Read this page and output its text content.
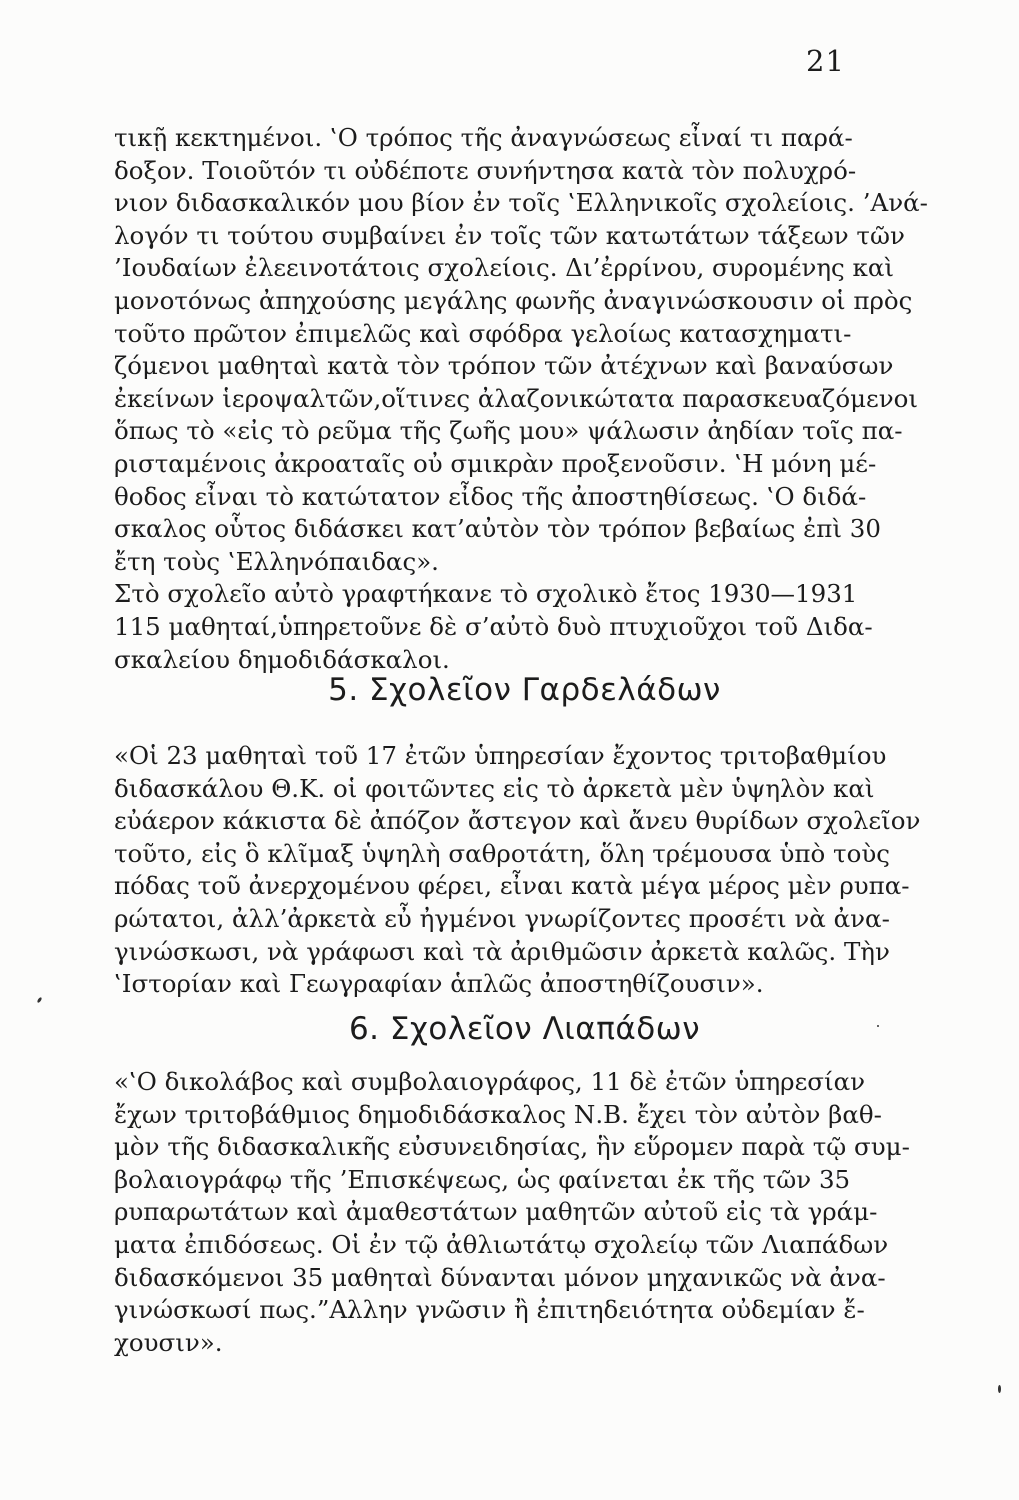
21
τικῇ κεκτημένοι. ‛Ο τρόπος τῆς ἀναγνώσεως εἶναί τι παρά-
δοξον. Τοιοῦτόν τι οὐδέποτε συνήντησα κατὰ τὸν πολυχρό-
νιον διδασκαλικόν μου βίον ἐν τοῖς ‛Ελληνικοῖς σχολείοις. ’Ανά-
λογόν τι τούτου συμβαίνει ἐν τοῖς τῶν κατωτάτων τάξεων τῶν
’Ιουδαίων ἐλεεινοτάτοις σχολείοις. Δι’ἐρρίνου, συρομένης καὶ
μονοτόνως ἀπηχούσης μεγάλης φωνῆς ἀναγινώσκουσιν οἱ πρὸς
τοῦτο πρῶτον ἐπιμελῶς καὶ σφόδρα γελοίως κατασχηματι-
ζόμενοι μαθηταὶ κατὰ τὸν τρόπον τῶν ἀτέχνων καὶ βαναύσων
ἐκείνων ἱεροψαλτῶν,οἵτινες ἀλαζονικώτατα παρασκευαζόμενοι
ὅπως τὸ «εἰς τὸ ρεῦμα τῆς ζωῆς μου» ψάλωσιν ἀηδίαν τοῖς πα-
ρισταμένοις ἀκροαταῖς οὐ σμικρὰν προξενοῦσιν. ‛Η μόνη μέ-
θοδος εἶναι τὸ κατώτατον εἶδος τῆς ἀποστηθίσεως. ‛Ο διδά-
σκαλος οὗτος διδάσκει κατ’αὐτὸν τὸν τρόπον βεβαίως ἐπὶ 30
ἔτη τοὺς ‛Ελληνόπαιδας».
Στὸ σχολεῖο αὐτὸ γραφτήκανε τὸ σχολικὸ ἔτος 1930—1931
115 μαθηταί,ὑπηρετοῦνε δὲ σ’αὐτὸ δυὸ πτυχιοῦχοι τοῦ Διδα-
σκαλείου δημοδιδάσκαλοι.
5. Σχολεῖον Γαρδελάδων
«Οἱ 23 μαθηταὶ τοῦ 17 ἐτῶν ὑπηρεσίαν ἔχοντος τριτοβαθμίου
διδασκάλου Θ.Κ. οἱ φοιτῶντες εἰς τὸ ἀρκετὰ μὲν ὑψηλὸν καὶ
εὐάερον κάκιστα δὲ ἀπόζον ἄστεγον καὶ ἄνευ θυρίδων σχολεῖον
τοῦτο, εἰς ὃ κλῖμαξ ὑψηλὴ σαθροτάτη, ὅλη τρέμουσα ὑπὸ τοὺς
πόδας τοῦ ἀνερχομένου φέρει, εἶναι κατὰ μέγα μέρος μὲν ρυπα-
ρώτατοι, ἀλλ’ἀρκετὰ εὖ ἠγμένοι γνωρίζοντες προσέτι νὰ ἀνα-
γινώσκωσι, νὰ γράφωσι καὶ τὰ ἀριθμῶσιν ἀρκετὰ καλῶς. Τὴν
‛Ιστορίαν καὶ Γεωγραφίαν ἁπλῶς ἀποστηθίζουσιν».
6. Σχολεῖον Λιαπάδων
«‛Ο δικολάβος καὶ συμβολαιογράφος, 11 δὲ ἐτῶν ὑπηρεσίαν
ἔχων τριτοβάθμιος δημοδιδάσκαλος Ν.Β. ἔχει τὸν αὐτὸν βαθ-
μὸν τῆς διδασκαλικῆς εὐσυνειδησίας, ἣν εὕρομεν παρὰ τῷ συμ-
βολαιογράφῳ τῆς ’Επισκέψεως, ὡς φαίνεται ἐκ τῆς τῶν 35
ρυπαρωτάτων καὶ ἀμαθεστάτων μαθητῶν αὐτοῦ εἰς τὰ γράμ-
ματα ἐπιδόσεως. Οἱ ἐν τῷ ἀθλιωτάτῳ σχολείῳ τῶν Λιαπάδων
διδασκόμενοι 35 μαθηταὶ δύνανται μόνον μηχανικῶς νὰ ἀνα-
γινώσκωσί πως.”Αλλην γνῶσιν ἢ ἐπιτηδειότητα οὐδεμίαν ἔ-
χουσιν».
